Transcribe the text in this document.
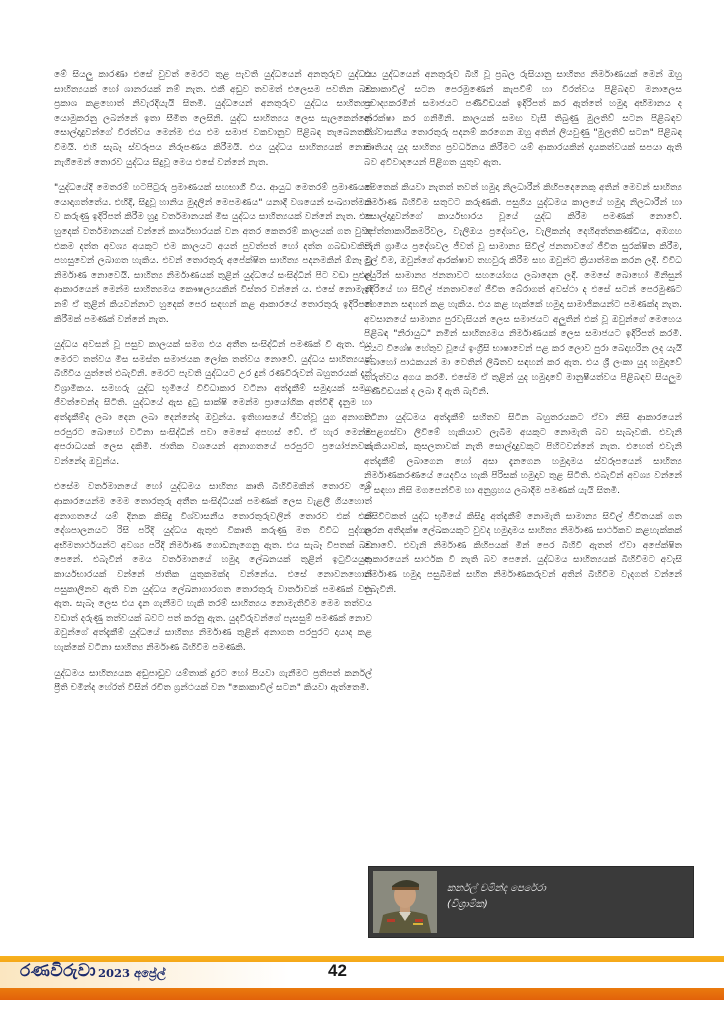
මේ සියලු කාරණා එසේ වුවත් මෙරට තුළ පැවති යුද්ධයෙන් අනතුරුව යුද්ධය සාහිත්‍යයක් හෝ ශානරයක් නම් නැත. එකී අඩුව තවමත් එලෙසම පවතින බව ප්‍රකාශ කළහොත් නිවැරදියැයි සිතමි. යුද්ධයෙන් අනතුරුව යුද්ධය සාහිත්‍යය යොමුකරනු ලබන්නේ ඉතා සීමිත ලෙසිනි. යුද්ධ සාහිත්‍යය ලෙස සැලකෙන්නේ සොල්දාදුවන්ගේ වීරත්වය මෙන්ම එය එම සමාජ වකවානුව පිළිබඳ තැබෙනතක් වීමයි. එහි සැබෑ ස්වරූපය නිරූපණය කිරීමයි. එය යුද්ධය සාහිත්‍යයක් නොව නැගීමෙන් තොරව යුද්ධය සිදුවූ මෙය එසේ වන්නේ නැත.

"යුද්ධයේදී මෙතරම් හටපිටුරු ප්‍රමාණයක් සහභාගී විය. ආයුධ මෙතරම් ප්‍රමාණයක් යොදාගත්තේය. එහිදී, සිදුවූ හානිය මුදලින් මෙපමණය" යනාදී වශයෙන් සංඛ්‍යාත්මක ව කරුණු ඉදිරිපත් කිරීම හුදු වර්තමානයක් මිස යුද්ධය සාහිත්‍යයක් වන්නේ නැත. එය හුදෙක් වර්තමානයක් වන්නේ කාර්යභාරයක් වන අතර කෙතරම් කාලයක් ගත වුවද එකම දත්ත අවශ්‍ය අයකුට එම කාලයට අයත් පුවත්පත් හෝ දත්ත ගබඩාවකින් පහසුවෙන් ලබාගත හැකිය. එවන් තොරතුරු අපේක්ෂිත සාහිත්‍ය පදනමකින් ඕනෑ වූ නිර්මාණ නොවෙයි. සාහිත්‍ය නිර්මාණයක් තුළින් යුද්ධයේ සංසිද්ධීන් පිට වඩා පුළුල් ආකාරයෙන් මෙන්ම සාහිත්‍යමය කෞෂල්‍යයකින් විස්තර වන්නේ ය. එසේ නොමැති නම් ඒ තුළින් කියවන්නාට හුදෙක් පෙර සඳහන් කළ ආකාරයේ තොරතුරු ඉදිරිපත් කිරීමක් පමණක් වන්නේ නැත.

යුද්ධය අවසන් වූ පසුව කාලයක් සමග එය අතීත සංසිද්ධීන් පමණක් වී ඇත. එය මෙරට තත්වය මිස සමස්ත සමාජයක ලෝක තත්වය නොවේ. යුද්ධය සාහිත්‍යයක් බිහිවිය යුත්තේ එබැවිනි. මෙරට පැවති යුද්ධයට උර දුන් රණවිරුවන් බහුතරයක් දැන් විශ්‍රාමිකය. සමහරු යුද්ධ භූමියේ විවිධාකාර වටිනා අත්දැකීම් සමුදායක් සමග ජීවත්වෙන්ද සිටිති. යුද්ධයේ ඇස දුටු සාක්ෂි මෙන්ම ප්‍රායෝගික අත්විඳි දැනුම හා අත්දැකීම්ද ලබා දෙන ලබා දෙන්නේද ඔවුන්ය. ඉතිහාසයේ ජීවත්වූ යුග අනාගත පරපුරට බොහෝ වටිනා සංසිද්ධීන් පවා මෙසේ අපහස් වේ. ඒ හැර මෙන්ම අපරාධයක් ලෙස දකිමි. ජාතික වශයෙන් අනාගතයේ පරපුරට ප්‍රයෝජනවත් වන්නේද ඔවුන්ය.

එසේම වර්තමානයේ හෝ යුද්ධමය සාහිත්‍ය කෘති බිහිවීමකින් තොරව මේ ආකාරයෙන්ම මෙම තොරතුරු අතීත සංසිද්ධියක් පමණක් ලෙස වැළලී ගියහොත් අනාගතයේ යම් දිනක කිසිදු විශ්වාසනීය තොරතුරුවලින් තොරව එක් එක් දේශපාලනයට රිසි පරිදි යුද්ධය ඇතුළු විකෘති කරුණු මත විවිධ පුද්ගල අභිමතාර්ථයන්ට අවශ්‍ය පරිදි නිර්මාණ ගොඩනැගෙනු ඇත. එය සැබෑ විපතක් බව පෙනේ. එබැවින් මෙය වර්තමානයේ හමුදා ලේඛනයක් තුළින් ඉටුවියයුතු කාර්යභාරයක් වන්නේ ජාතික යුතුකමක්ද වන්නේය. එසේ නොවනහොත් පසුකාලීනව ඇති වන යුද්ධය ලේඛනාගාරගත තොරතුරු වාර්තාවක් පමණක් වනු ඇත. සැබෑ ලෙස එය දැන ගැනීමට හැකි තරම් සාහිත්‍යය නොමැතිවීම මෙම තත්වය වඩාත් දරුණු තත්වයක් බවට පත් කරනු ඇත. යුදවිරුවන්ගේ පැසසුම් පමණක් නොව ඔවුන්ගේ අත්දැකීම් යුද්ධයේ සාහිත්‍ය නිර්මාණ තුළින් අනාගත පරපුරට දායාද කළ හැක්කේ වටිනා සාහිත්‍ය නිර්මාණ බිහිවීම පමණකි.

යුද්ධමය සාහිත්‍යයක අඩුපාඩුව යම්තාක් දුරට හෝ පියවා ගැනීමට ප්‍රතිපත් කර්නල් ප්‍රීති චමින්ද හේරත් විසින් රචිත ග්‍රන්ථයක් වන "කොකාවිල් සටන" කියවා ඇත්තෙමි.

එය යුද්ධයෙන් අනතුරුව බිහි වූ ප්‍රබල රුසියානු සාහිත්‍ය නිර්මාණයක් මෙන් ඔහු කොකාවිල් සටන පෙරමුණෙන් කැපවීම් හා වීරත්වය පිළිබඳව මනාලෙස ප්‍රවාද්‍යකරමින් සමාජයට පණිවිඩයක් ඉදිරිපත් කර ඇත්තේ හමුදා අභිමානය ද ආරක්ෂා කර ගනිමිනි. කාලයක් සමඟ වැසී තිබුණු මුලතිව් සටන පිළිබඳව විශ්වාසනීය තොරතුරු පදනම් කරගෙන ඔහු අතින් ලියවුණු "මුලතිව් සටන" පිළිබඳ කෘතියද යුද සාහිත්‍ය ප්‍රවර්ධනය කිරීමට යම් ආකාරයකින් දායකත්වයක් සපයා ඇති බව අවිවාදයෙන් පිළිගත යුතුව ඇත.

මෙතෙක් කියවා නැතත් තවත් හමුදා නිලධාරීන් කිහිපදෙනෙකු අතින් මෙවන් සාහිත්‍ය නිර්මාණ බිහිවීම සතුටට කරුණකි. පසුගිය යුද්ධමය කාලයේ හමුදා නිලධාරීන් හා සොල්දාදුවන්ගේ කාර්යභාරය වූයේ යුද්ධ කිරීම පමණක් නොවේ. පේත්තාකාරිකමරිවල, වැලිඔය ප්‍රදේශවල, වැලිකන්ද දෙහිඅත්තකණ්ඩිය, අඹගහ වැනි ග්‍රාමීය ප්‍රදේශවල ජීවත් වූ සාමාන්‍ය සිවිල් ජනතාවගේ ජීවිත සුරක්ෂිත කිරීම, මුල් වීම, ඔවුන්ගේ ආරක්ෂාව තහවුරු කිරීම සහ ඔවුන්ට ක්‍රියාත්මක කරන ලදී. විවිධ අයුරින් සාමාන්‍ය ජනතාවට සහයෝගය ලබාදෙන ලදී. මෙසේ බොහෝ මිනිසුන් ඉදිරියේ හා සිවිල් ජනතාවගේ ජීවිත බේරාගත් අවස්ථා ද එසේ සටන් පෙරමුණට ගෙනෙන සඳහන් කළ හැකිය. එය කළ හැක්කේ හමුදා සාමාජිකයන්ට පමණක්ද නැත. අවසානයේ සාමාන්‍ය පුරවැසියන් ලෙස සමාජයට අලුතින් එක් වූ ඔවුන්ගේ මෙහෙය පිළිබඳ "නිරායුධ" නමින් සාහිත්‍යමය නිර්මාණයක් ලෙස සමාජයට ඉදිරිපත් කරමි. එයට විශේෂ හේතුව වූයේ ඉංග්‍රීසි භාෂාවෙන් පළ කර ලොව පුරා බෙදාහරින ලද යැයි බොහෝ පාඨකයන් මා වෙතින් ලිඛිතව සඳහන් කර ඇත. එය ශ්‍රී ලංකා යුද හමුදාවේ ගරුත්වය අගය කරමි. එසේම ඒ තුළින් යුද හමුදාවේ මානුෂීයත්වය පිළිබඳව සියලුම පණිවිඩයක් ද ලබා දී ඇති බැවිනි.

වටිනා යුද්ධමය අත්දැකීම් සහිතව සිටින බහුතරයකට ඒවා නිසි ආකාරයෙන් පෙළගස්වා ලිවීමේ හැකියාව ලැබීම අයකුට නොමැති බව සැබෑවකි. එවැනි හැකියාවක්, කුසලතාවක් නැති සොල්දාදුවකුට පිහිටවන්නේ නැත. එහෙත් එවැනි අත්දැකීම් ලබාගෙන හෝ අසා දැනගෙන හමුදාමය ස්වරූපයෙන් සාහිත්‍ය නිර්මාණකරණයේ යෙදවිය හැකි පිරිසක් හමුදාව තුළ සිටිති. එබැවින් අවශ්‍ය වන්නේ ඒ සඳහා නිසි මගපෙන්වීම හා අනුග්‍රහය ලබාදීම පමණක් යැයි සිතමි.

කිසිවිටකත් යුද්ධ භූමියේ කිසිදු අත්දැකීම් නොමැති සාමාන්‍ය සිවිල් ජීවිතයක් ගත කරන අතිදක්ෂ ලේඛකයකුට වුවද හමුදාමය සාහිත්‍ය නිර්මාණ සාර්ථකව කළහැක්කක් නොවේ. එවැනි නිර්මාණ කිහිපයක් මින් පෙර බිහිවී ඇතත් ඒවා අපේක්ෂිත ආකාරයෙන් සාර්ථක වී නැති බව පෙනේ. යුද්ධමය සාහිත්‍යයක් බිහිවීමට අවැසි නිර්මාණ හමුදා පසුබිමක් සහිත නිර්මාණකරුවන් අතින් බිහිවීම වැදගත් වන්නේ එබැවිනි.

කර්නල් චමින්ද පෙරේරා
(විශ්‍රාමික)
රණවිරුවා 2023 අප්‍රේල්	42
